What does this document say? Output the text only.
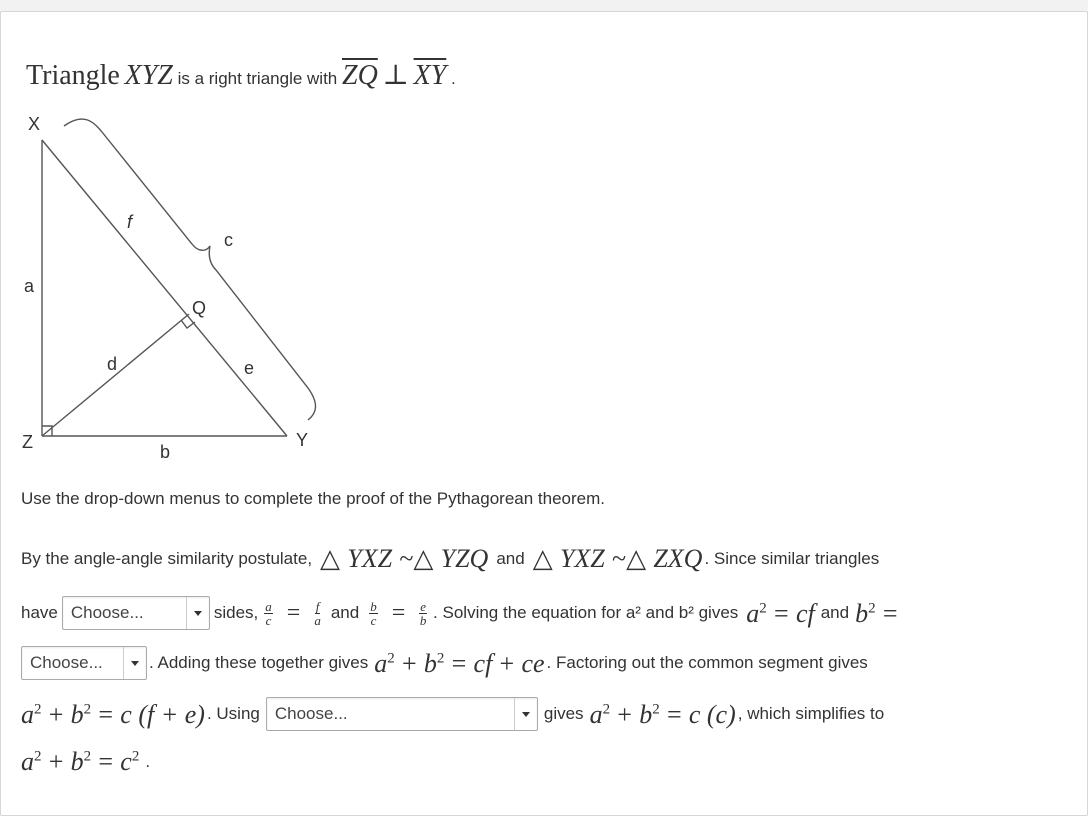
Triangle XYZ is a right triangle with $\overline{ZQ}$ ⊥ $\overline{XY}$ .
X
Y
Z
Q
a
b
c
d	e
f
Use the drop-down menus to complete the proof of the Pythagorean theorem.
By the angle-angle similarity postulate, △ YXZ ~△ YZQ and △ YXZ ~△ ZXQ . Since similar triangles
have Choose...	sides, $\frac{a}{c} = \frac{f}{a}$ and $\frac{b}{c} = \frac{e}{b}$ . Solving the equation for a² and b² gives $a^2$ = cf and $b^2$ =
Choose...	. Adding these together gives $a^2 + b^2$ = cf + ce . Factoring out the common segment gives
$a^2 + b^2 = c$ (f + e) . Using Choose...	gives $a^2 + b^2 = c$ (c) , which simplifies to
$a^2 + b^2 = c^2$ .
